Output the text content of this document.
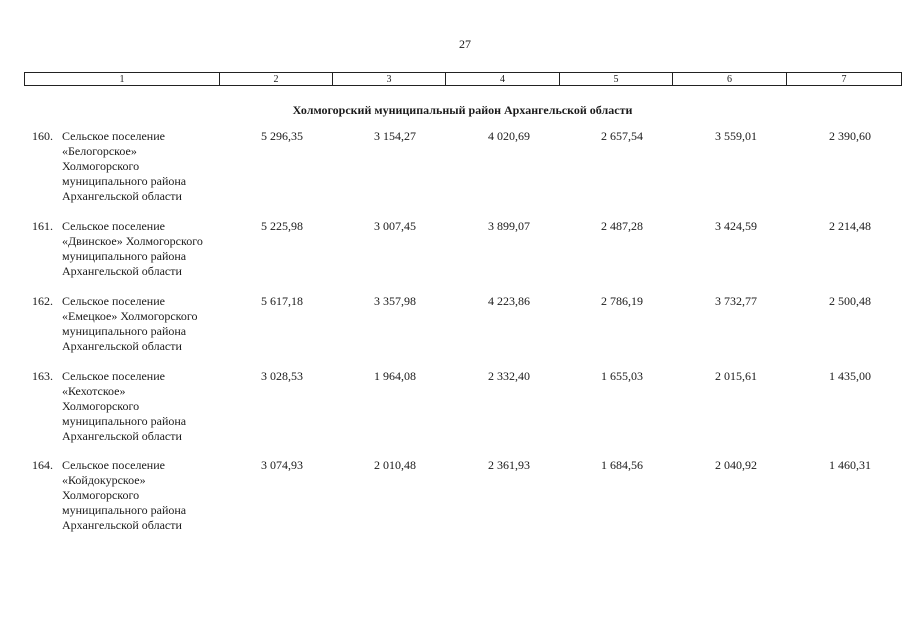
27
1	2	3	4	5	6	7
Холмогорский муниципальный район Архангельской области
160. Сельское поселение
«Белогорское»
Холмогорского
муниципального района
Архангельской области
5 296,35	3 154,27	4 020,69	2 657,54	3 559,01	2 390,60
161. Сельское поселение
«Двинское» Холмогорского
муниципального района
Архангельской области
5 225,98	3 007,45	3 899,07	2 487,28	3 424,59	2 214,48
162. Сельское поселение
«Емецкое» Холмогорского
муниципального района
Архангельской области
5 617,18	3 357,98	4 223,86	2 786,19	3 732,77	2 500,48
163. Сельское поселение
«Кехотское»
Холмогорского
муниципального района
Архангельской области
3 028,53	1 964,08	2 332,40	1 655,03	2 015,61	1 435,00
164. Сельское поселение
«Койдокурское»
Холмогорского
муниципального района
Архангельской области
3 074,93	2 010,48	2 361,93	1 684,56	2 040,92	1 460,31
